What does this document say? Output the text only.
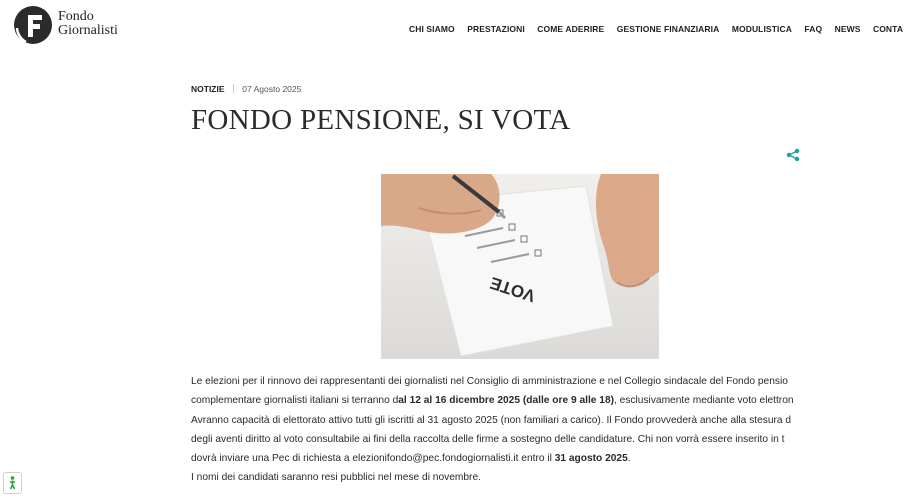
Fondo
Giornalisti	CHI SIAMO PRESTAZIONI COME ADERIRE GESTIONE FINANZIARIA MODULISTICA FAQ NEWS CONTA
NOTIZIE 07 Agosto 2025
FONDO PENSIONE, SI VOTA
VOTE

Le elezioni per il rinnovo dei rappresentanti dei giornalisti nel Consiglio di amministrazione e nel Collegio sindacale del Fondo pensio

complementare giornalisti italiani si terranno dal 12 al 16 dicembre 2025 (dalle ore 9 alle 18), esclusivamente mediante voto elettron

Avranno capacità di elettorato attivo tutti gli iscritti al 31 agosto 2025 (non familiari a carico). Il Fondo provvederà anche alla stesura d

degli aventi diritto al voto consultabile ai fini della raccolta delle firme a sostegno delle candidature. Chi non vorrà essere inserito in t

dovrà inviare una Pec di richiesta a elezionifondo@pec.fondogiornalisti.it entro il 31 agosto 2025.

I nomi dei candidati saranno resi pubblici nel mese di novembre.
